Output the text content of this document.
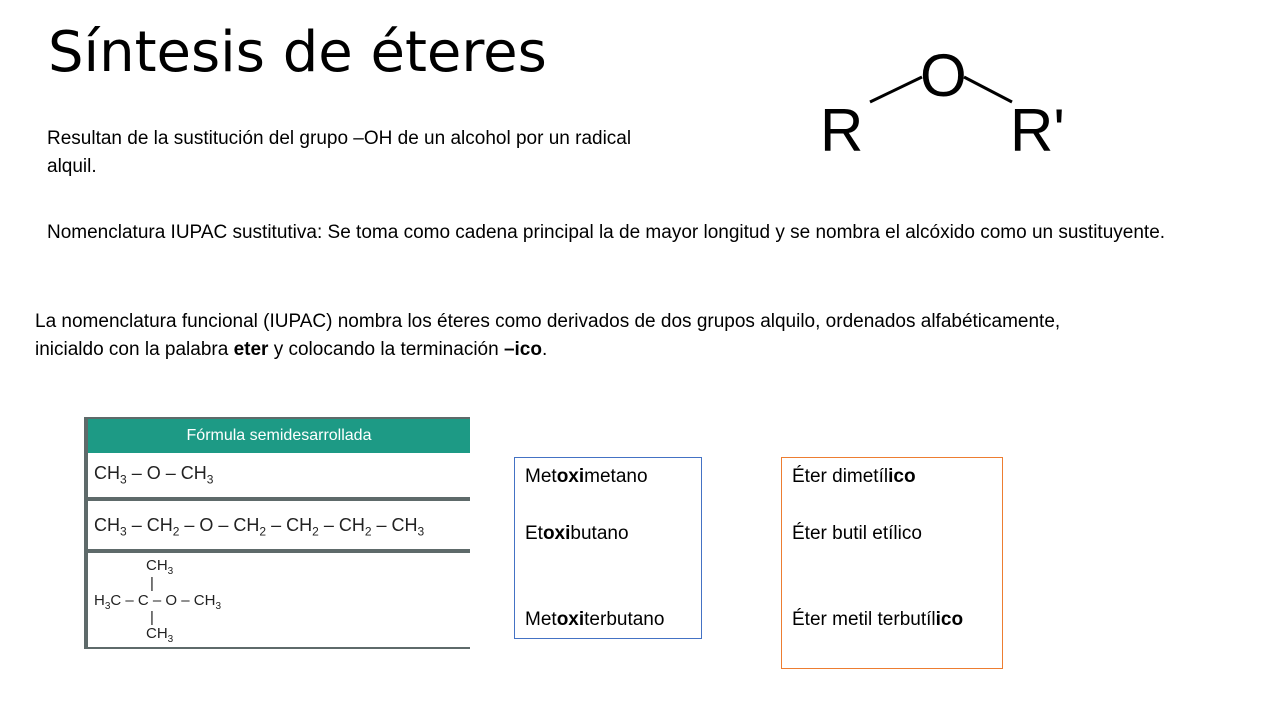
Síntesis de éteres
Resultan de la sustitución del grupo –OH de un alcohol por un radical alquil.
Nomenclatura IUPAC sustitutiva: Se toma como cadena principal la de mayor longitud y se nombra el alcóxido como un sustituyente.
La nomenclatura funcional (IUPAC) nombra los éteres como derivados de dos grupos alquilo, ordenados alfabéticamente, inicialdo con la palabra eter y colocando la terminación –ico.
R
O
R'
Fórmula semidesarrollada
$CH_3$ – O – $CH_3$
$CH_3 - CH_2$ – O – $CH_2 - CH_2 - CH_2 - CH_3$
$CH_3$
|
$H_3C$ – C – O – $CH_3$
|
$CH_3$
Metoximetano
Etoxibutano
Metoxiterbutano
Éter dimetílico
Éter butil etílico
Éter metil terbutílico
